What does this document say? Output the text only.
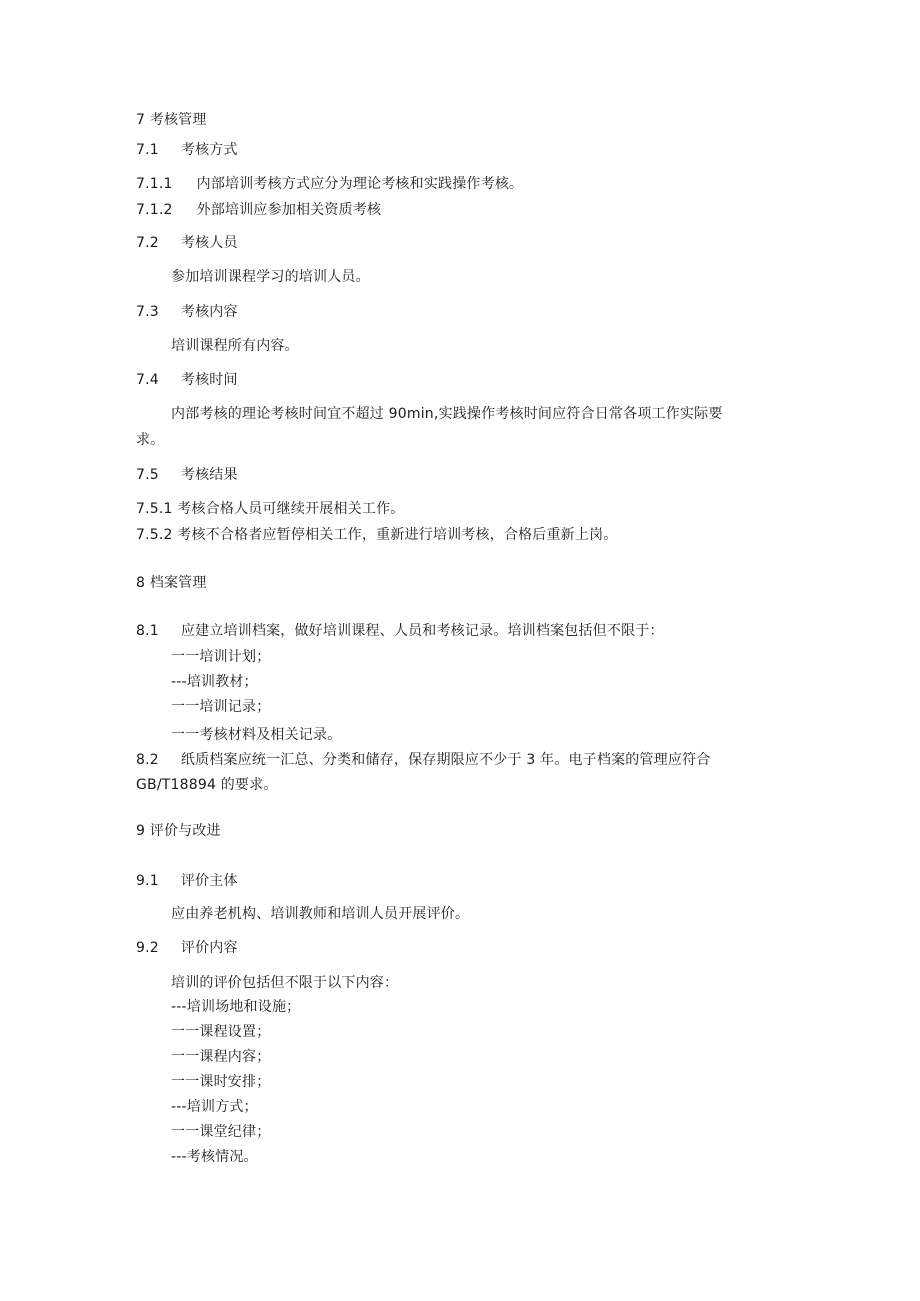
7 考核管理
7.1 考核方式
7.1.1 内部培训考核方式应分为理论考核和实践操作考核。
7.1.2 外部培训应参加相关资质考核
7.2 考核人员
参加培训课程学习的培训人员。
7.3 考核内容
培训课程所有内容。
7.4 考核时间
内部考核的理论考核时间宜不超过 90min,实践操作考核时间应符合日常各项工作实际要
求。
7.5 考核结果
7.5.1 考核合格人员可继续开展相关工作。
7.5.2 考核不合格者应暂停相关工作，重新进行培训考核，合格后重新上岗。
8 档案管理
8.1 应建立培训档案，做好培训课程、人员和考核记录。培训档案包括但不限于：
一一培训计划；
---培训教材；
一一培训记录；
一一考核材料及相关记录。
8.2 纸质档案应统一汇总、分类和储存，保存期限应不少于 3 年。电子档案的管理应符合
GB/T18894 的要求。
9 评价与改进
9.1 评价主体
应由养老机构、培训教师和培训人员开展评价。
9.2 评价内容
培训的评价包括但不限于以下内容：
---培训场地和设施；
一一课程设置；
一一课程内容；
一一课时安排；
---培训方式；
一一课堂纪律；
---考核情况。
